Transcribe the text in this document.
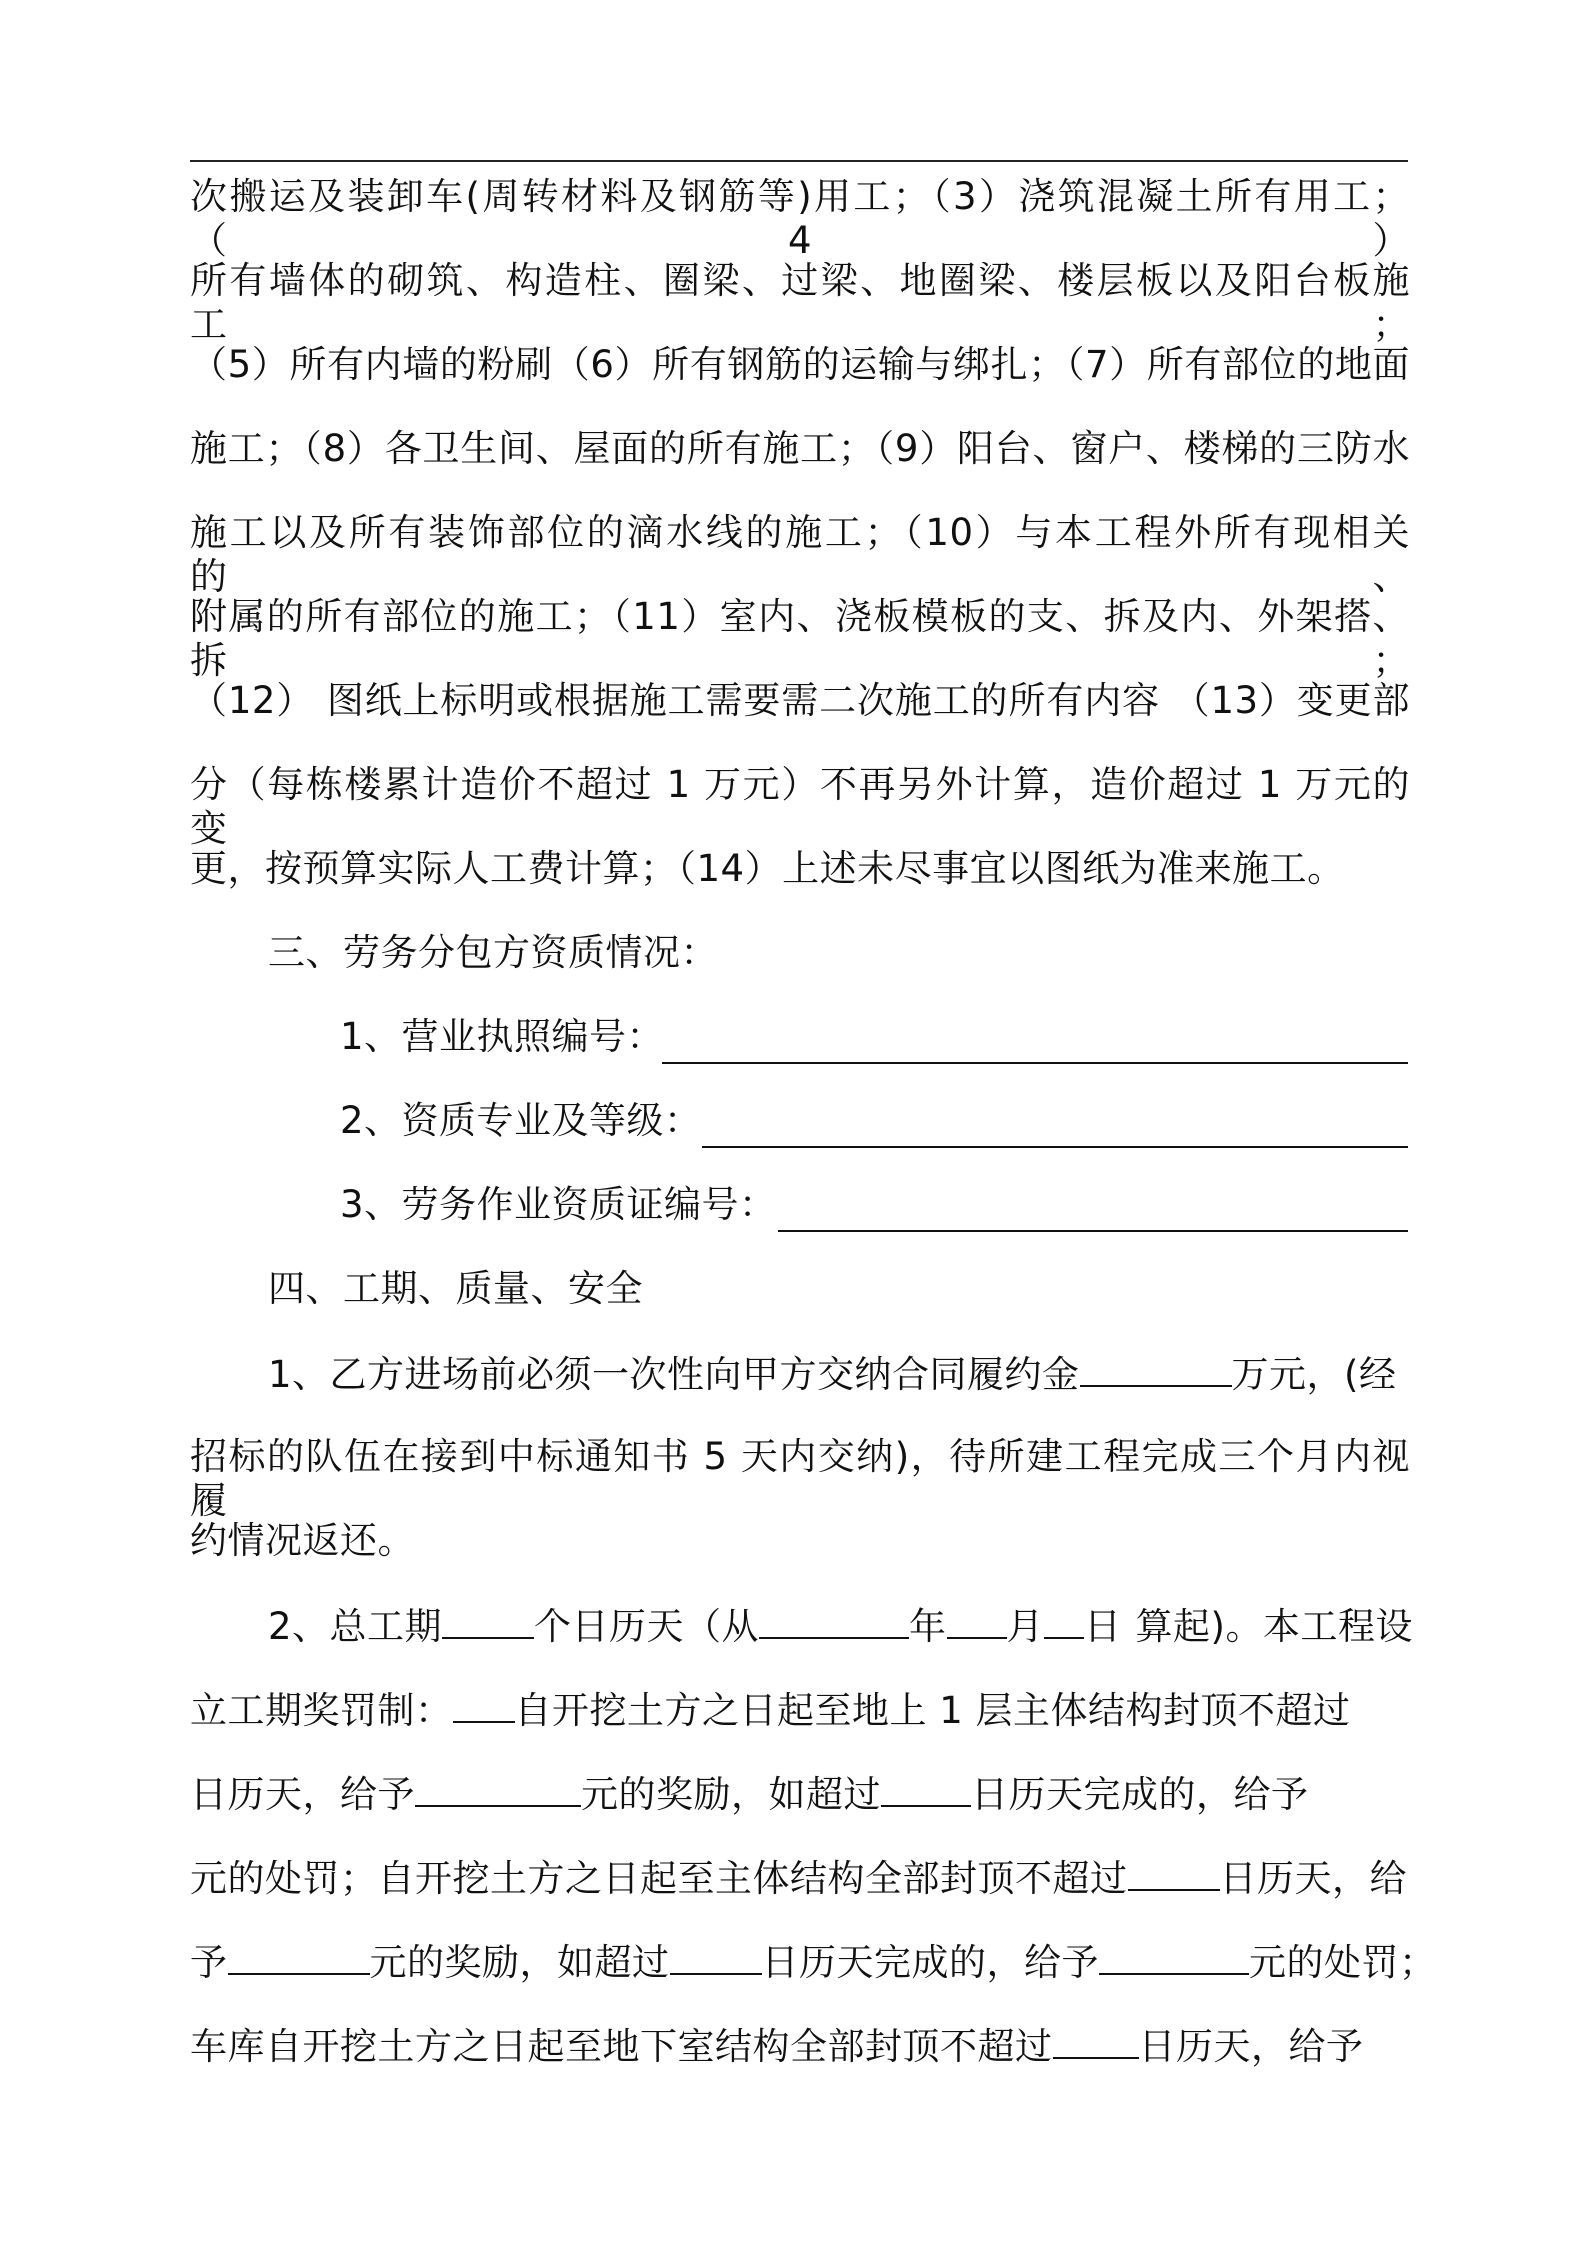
次搬运及装卸车(周转材料及钢筋等)用工；（3）浇筑混凝土所有用工；（4）
所有墙体的砌筑、构造柱、圈梁、过梁、地圈梁、楼层板以及阳台板施工；
（5）所有内墙的粉刷（6）所有钢筋的运输与绑扎；（7）所有部位的地面
施工；（8）各卫生间、屋面的所有施工；（9）阳台、窗户、楼梯的三防水
施工以及所有装饰部位的滴水线的施工；（10）与本工程外所有现相关的、
附属的所有部位的施工；（11）室内、浇板模板的支、拆及内、外架搭、拆；
（12） 图纸上标明或根据施工需要需二次施工的所有内容 （13）变更部
分（每栋楼累计造价不超过 1 万元）不再另外计算，造价超过 1 万元的变
更，按预算实际人工费计算；（14）上述未尽事宜以图纸为准来施工。
三、劳务分包方资质情况：
1、营业执照编号：
2、资质专业及等级：
3、劳务作业资质证编号：
四、工期、质量、安全
1、乙方进场前必须一次性向甲方交纳合同履约金	万元，(经
招标的队伍在接到中标通知书 5 天内交纳)，待所建工程完成三个月内视履
约情况返还。
2、总工期 个日历天（从	年 月 日 算起)。本工程设
立工期奖罚制： 自开挖土方之日起至地上 1 层主体结构封顶不超过
日历天，给予	元的奖励，如超过 日历天完成的，给予
元的处罚；自开挖土方之日起至主体结构全部封顶不超过 日历天，给
予	元的奖励，如超过 日历天完成的，给予	元的处罚；
车库自开挖土方之日起至地下室结构全部封顶不超过 日历天，给予
